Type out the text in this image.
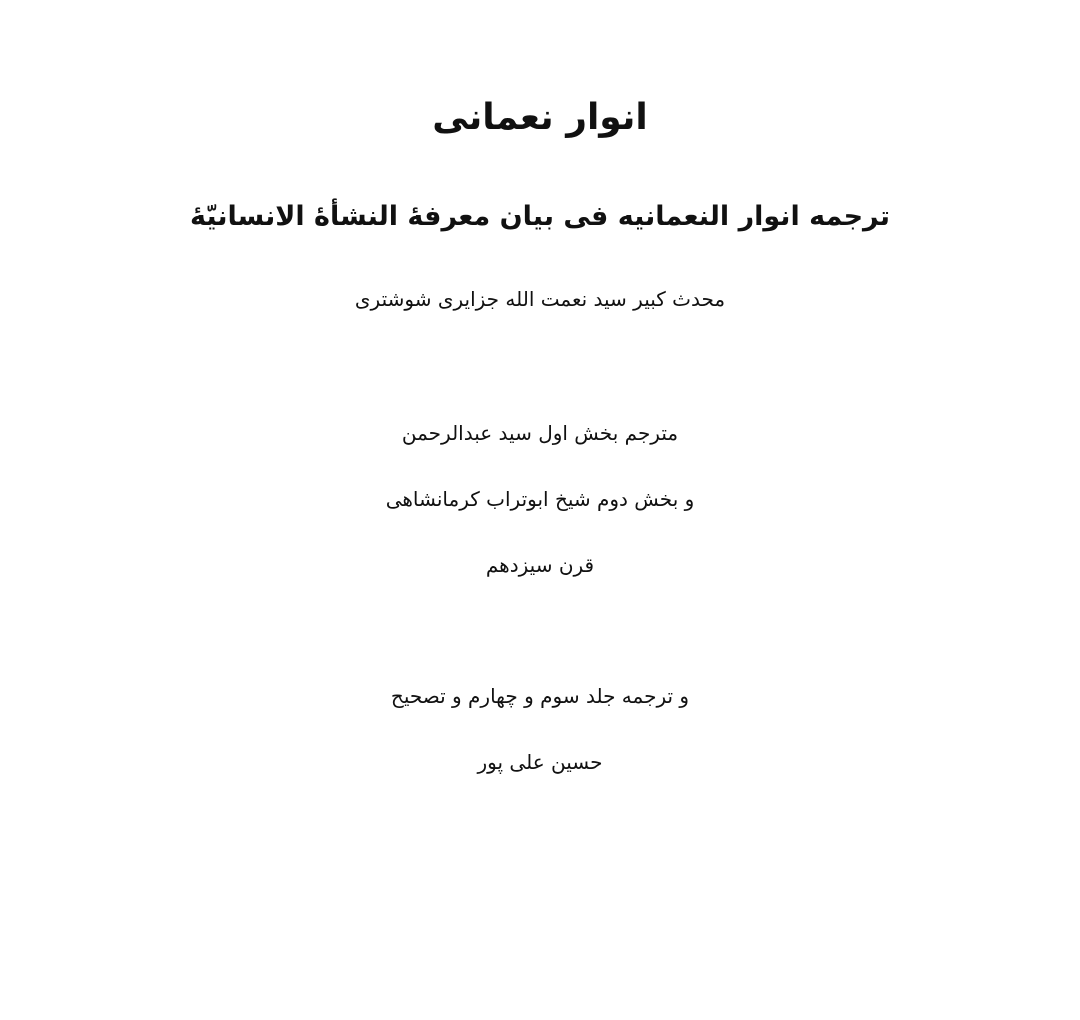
انوار نعمانی
ترجمه انوار النعمانیه فی بیان معرفۀ النشأۀ الانسانیّۀ
محدث کبیر سید نعمت الله جزایری شوشتری
مترجم بخش اول سید عبدالرحمن
و بخش دوم شیخ ابوتراب کرمانشاهی
قرن سیزدهم
و ترجمه جلد سوم و چهارم و تصحیح
حسین علی پور
